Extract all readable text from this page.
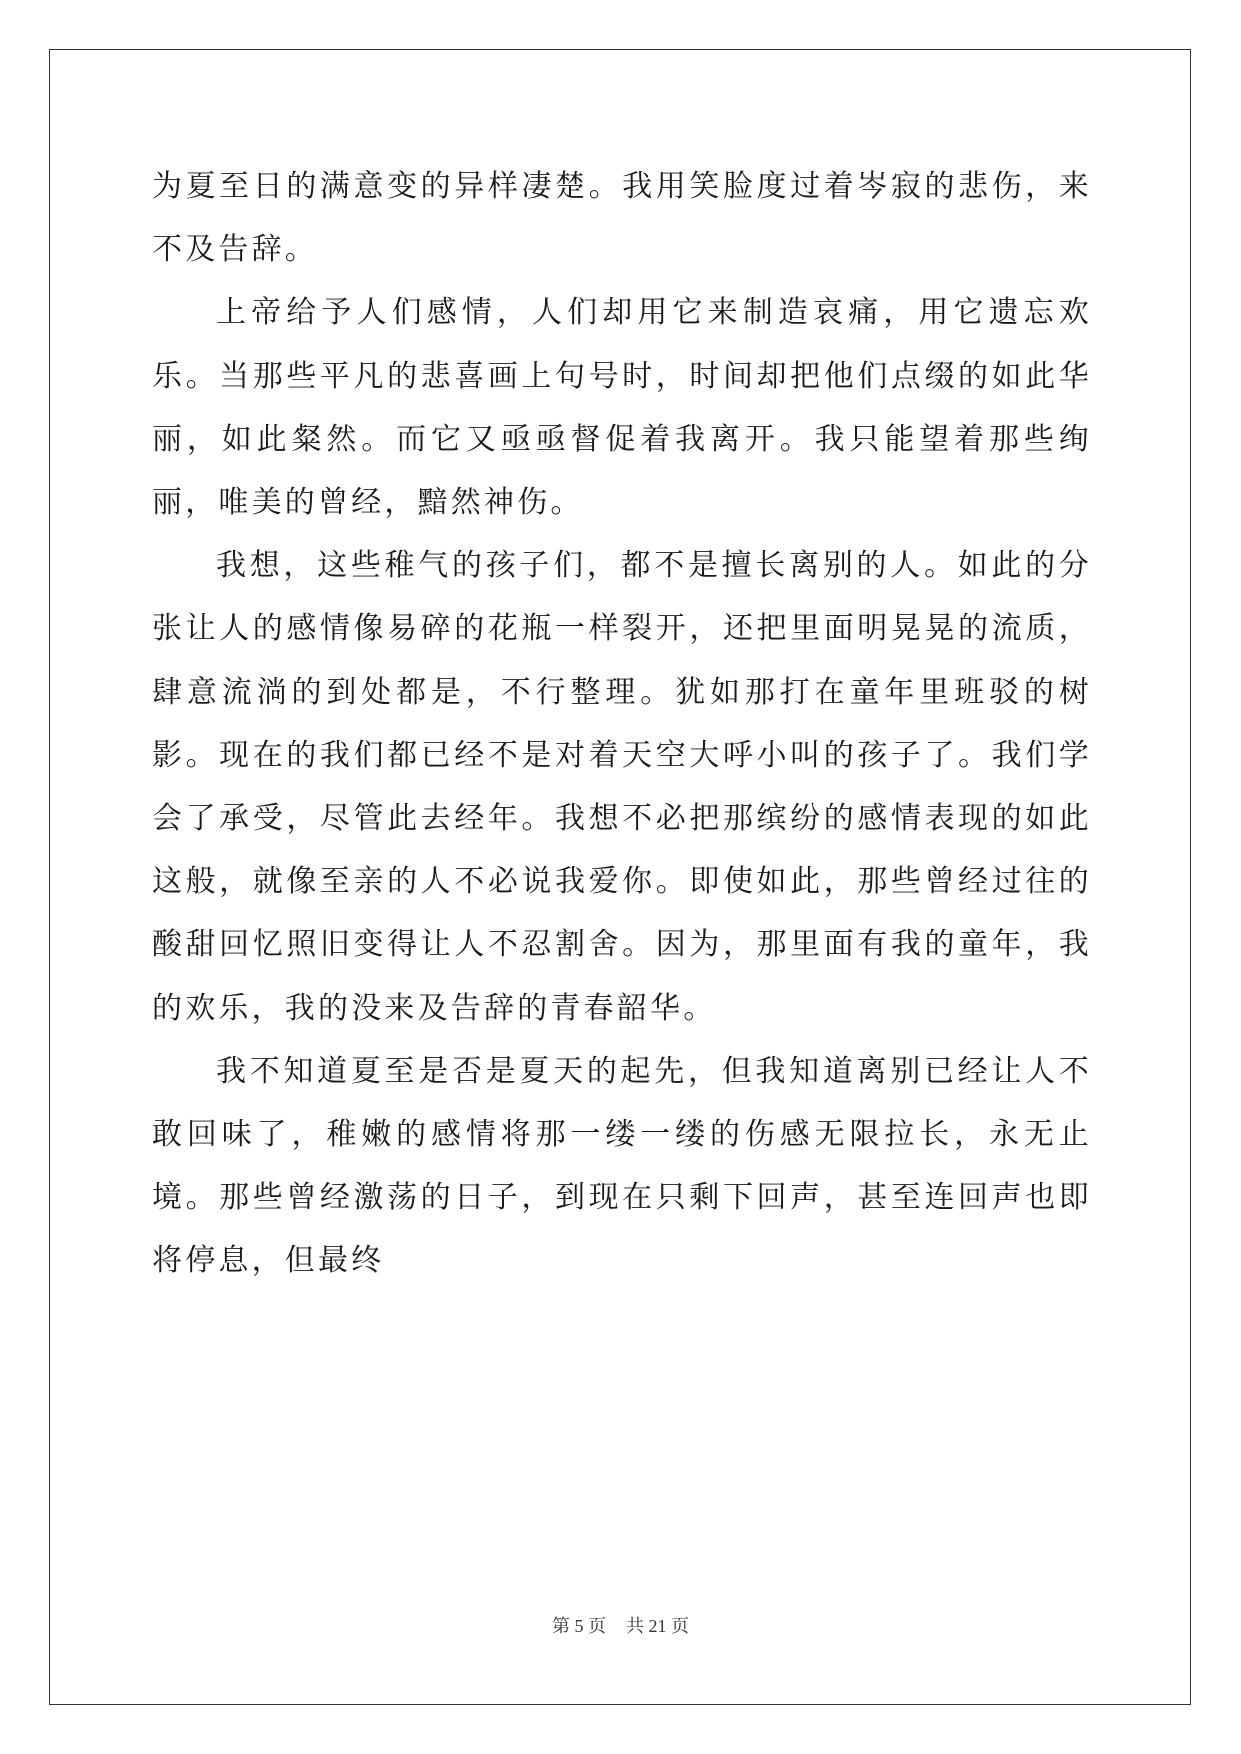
为夏至日的满意变的异样凄楚。我用笑脸度过着岑寂的悲伤，来不及告辞。

上帝给予人们感情，人们却用它来制造哀痛，用它遗忘欢乐。当那些平凡的悲喜画上句号时，时间却把他们点缀的如此华丽，如此粲然。而它又亟亟督促着我离开。我只能望着那些绚丽，唯美的曾经，黯然神伤。

我想，这些稚气的孩子们，都不是擅长离别的人。如此的分张让人的感情像易碎的花瓶一样裂开，还把里面明晃晃的流质，肆意流淌的到处都是，不行整理。犹如那打在童年里班驳的树影。现在的我们都已经不是对着天空大呼小叫的孩子了。我们学会了承受，尽管此去经年。我想不必把那缤纷的感情表现的如此这般，就像至亲的人不必说我爱你。即使如此，那些曾经过往的酸甜回忆照旧变得让人不忍割舍。因为，那里面有我的童年，我的欢乐，我的没来及告辞的青春韶华。

我不知道夏至是否是夏天的起先，但我知道离别已经让人不敢回味了，稚嫩的感情将那一缕一缕的伤感无限拉长，永无止境。那些曾经激荡的日子，到现在只剩下回声，甚至连回声也即将停息，但最终

第 5 页 共 21 页
